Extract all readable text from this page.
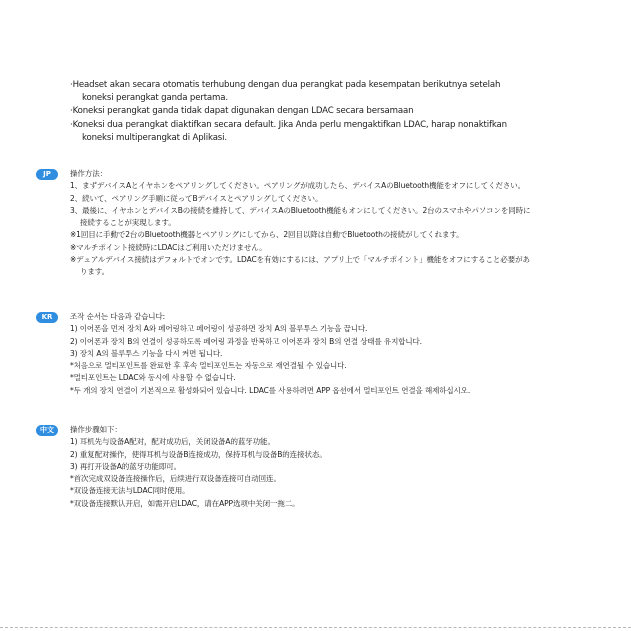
·Headset akan secara otomatis terhubung dengan dua perangkat pada kesempatan berikutnya setelah
koneksi perangkat ganda pertama.
·Koneksi perangkat ganda tidak dapat digunakan dengan LDAC secara bersamaan
·Koneksi dua perangkat diaktifkan secara default. Jika Anda perlu mengaktifkan LDAC, harap nonaktifkan
koneksi multiperangkat di Aplikasi.
JP	操作方法：
1、まずデバイスAとイヤホンをペアリングしてください。ペアリングが成功したら、デバイスAのBluetooth機能をオフにしてください。
2、続いて、ペアリング手順に従ってBデバイスとペアリングしてください。
3、最後に、イヤホンとデバイスBの接続を維持して、デバイスAのBluetooth機能もオンにしてください。2台のスマホやパソコンを同時に
接続することが実現します。
※1回目に手動で2台のBluetooth機器とペアリングにしてから、2回目以降は自動でBluetoothの接続がしてくれます。
※マルチポイント接続時にLDACはご利用いただけません。
※デュアルデバイス接続はデフォルトでオンです。LDACを有効にするには、アプリ上で「マルチポイント」機能をオフにすること必要があ
ります。
KR	조작 순서는 다음과 같습니다:
1) 이어폰을 먼저 장치 A와 페어링하고 페어링이 성공하면 장치 A의 블루투스 기능을 끕니다.
2) 이어폰과 장치 B의 연결이 성공하도록 페어링 과정을 반복하고 이어폰과 장치 B의 연결 상태를 유지합니다.
3) 장치 A의 블루투스 기능을 다시 켜면 됩니다.
*처음으로 멀티포인트를 완료한 후 후속 멀티포인트는 자동으로 재연결될 수 있습니다.
*멀티포인트는 LDAC와 동시에 사용할 수 없습니다.
*두 개의 장치 연결이 기본적으로 활성화되어 있습니다. LDAC를 사용하려면 APP 옵션에서 멀티포인트 연결을 해제하십시오.
中文	操作步骤如下：
1) 耳机先与设备A配对，配对成功后，关闭设备A的蓝牙功能。
2) 重复配对操作，使得耳机与设备B连接成功，保持耳机与设备B的连接状态。
3) 再打开设备A的蓝牙功能即可。
*首次完成双设备连接操作后，后续进行双设备连接可自动回连。
*双设备连接无法与LDAC同时使用。
*双设备连接默认开启，如需开启LDAC，请在APP选项中关闭一拖二。
